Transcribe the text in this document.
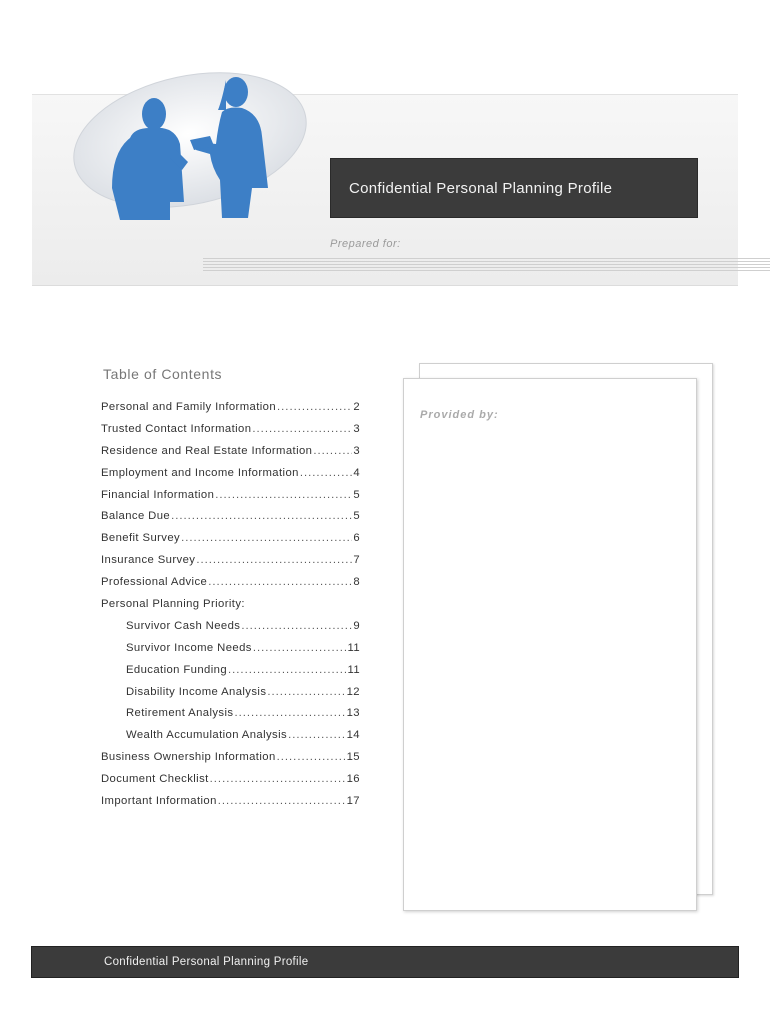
Confidential Personal Planning Profile
Prepared for:
Table of Contents
Personal and Family Information .....	2
Trusted Contact Information .....	3
Residence and Real Estate Information .....	3
Employment and Income Information .....	4
Financial Information .....	5
Balance Due .....	5
Benefit Survey .....	6
Insurance Survey .....	7
Professional Advice .....	8
Personal Planning Priority:
Survivor Cash Needs .....	9
Survivor Income Needs .....	11
Education Funding .....	11
Disability Income Analysis .....	12
Retirement Analysis .....	13
Wealth Accumulation Analysis .....	14
Business Ownership Information .....	15
Document Checklist .....	16
Important Information .....	17
Provided by:
Confidential Personal Planning Profile
